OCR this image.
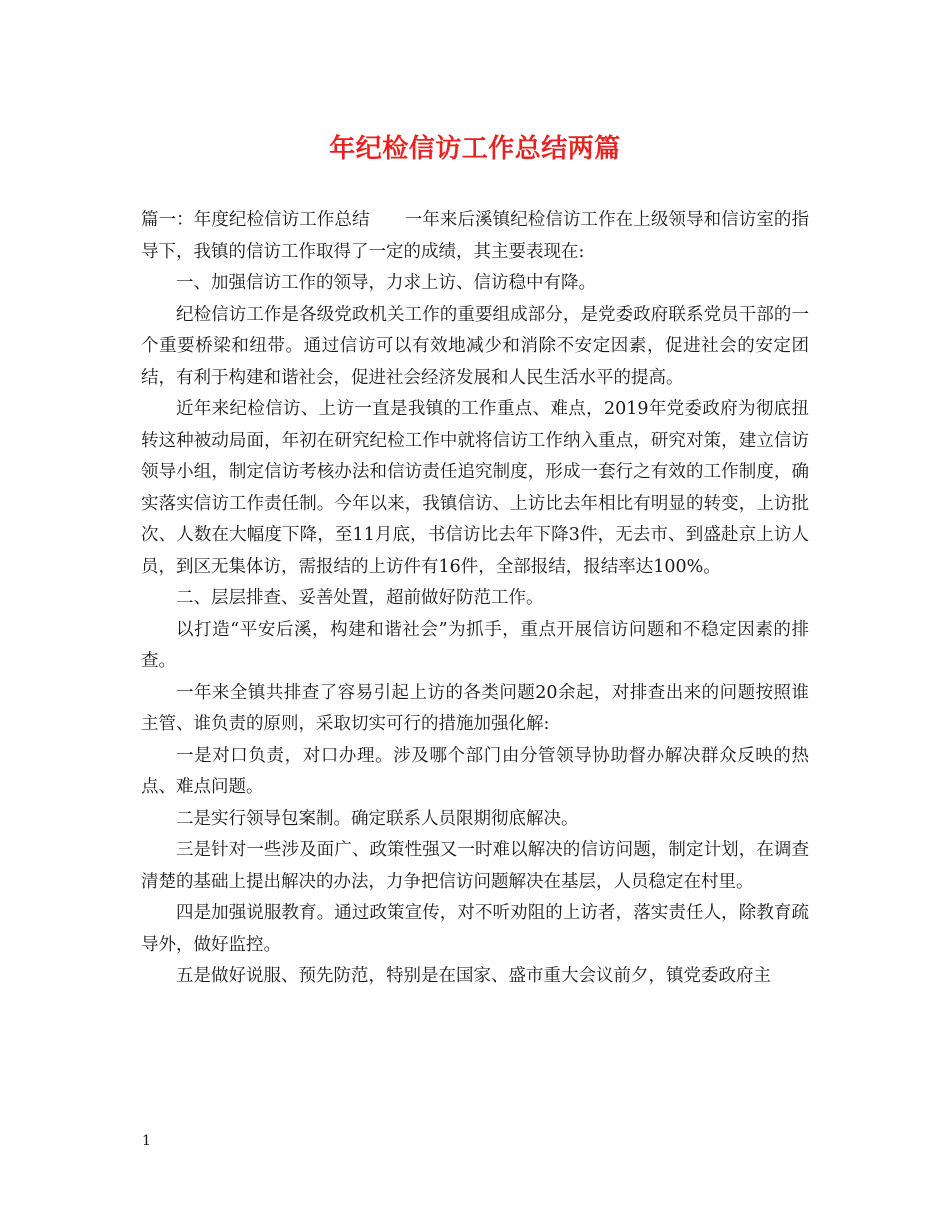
年纪检信访工作总结两篇

篇一：年度纪检信访工作总结　　一年来后溪镇纪检信访工作在上级领导和信访室的指导下，我镇的信访工作取得了一定的成绩，其主要表现在:

一、加强信访工作的领导，力求上访、信访稳中有降。

纪检信访工作是各级党政机关工作的重要组成部分，是党委政府联系党员干部的一个重要桥梁和纽带。通过信访可以有效地减少和消除不安定因素，促进社会的安定团结，有利于构建和谐社会，促进社会经济发展和人民生活水平的提高。

近年来纪检信访、上访一直是我镇的工作重点、难点，2019年党委政府为彻底扭转这种被动局面，年初在研究纪检工作中就将信访工作纳入重点，研究对策，建立信访领导小组，制定信访考核办法和信访责任追究制度，形成一套行之有效的工作制度，确实落实信访工作责任制。今年以来，我镇信访、上访比去年相比有明显的转变，上访批次、人数在大幅度下降，至11月底，书信访比去年下降3件，无去市、到盛赴京上访人员，到区无集体访，需报结的上访件有16件，全部报结，报结率达100%。

二、层层排查、妥善处置，超前做好防范工作。

以打造“平安后溪，构建和谐社会”为抓手，重点开展信访问题和不稳定因素的排查。

一年来全镇共排查了容易引起上访的各类问题20余起，对排查出来的问题按照谁主管、谁负责的原则，采取切实可行的措施加强化解:

一是对口负责，对口办理。涉及哪个部门由分管领导协助督办解决群众反映的热点、难点问题。

二是实行领导包案制。确定联系人员限期彻底解决。

三是针对一些涉及面广、政策性强又一时难以解决的信访问题，制定计划，在调查清楚的基础上提出解决的办法，力争把信访问题解决在基层，人员稳定在村里。

四是加强说服教育。通过政策宣传，对不听劝阻的上访者，落实责任人，除教育疏导外，做好监控。

五是做好说服、预先防范，特别是在国家、盛市重大会议前夕，镇党委政府主

1
